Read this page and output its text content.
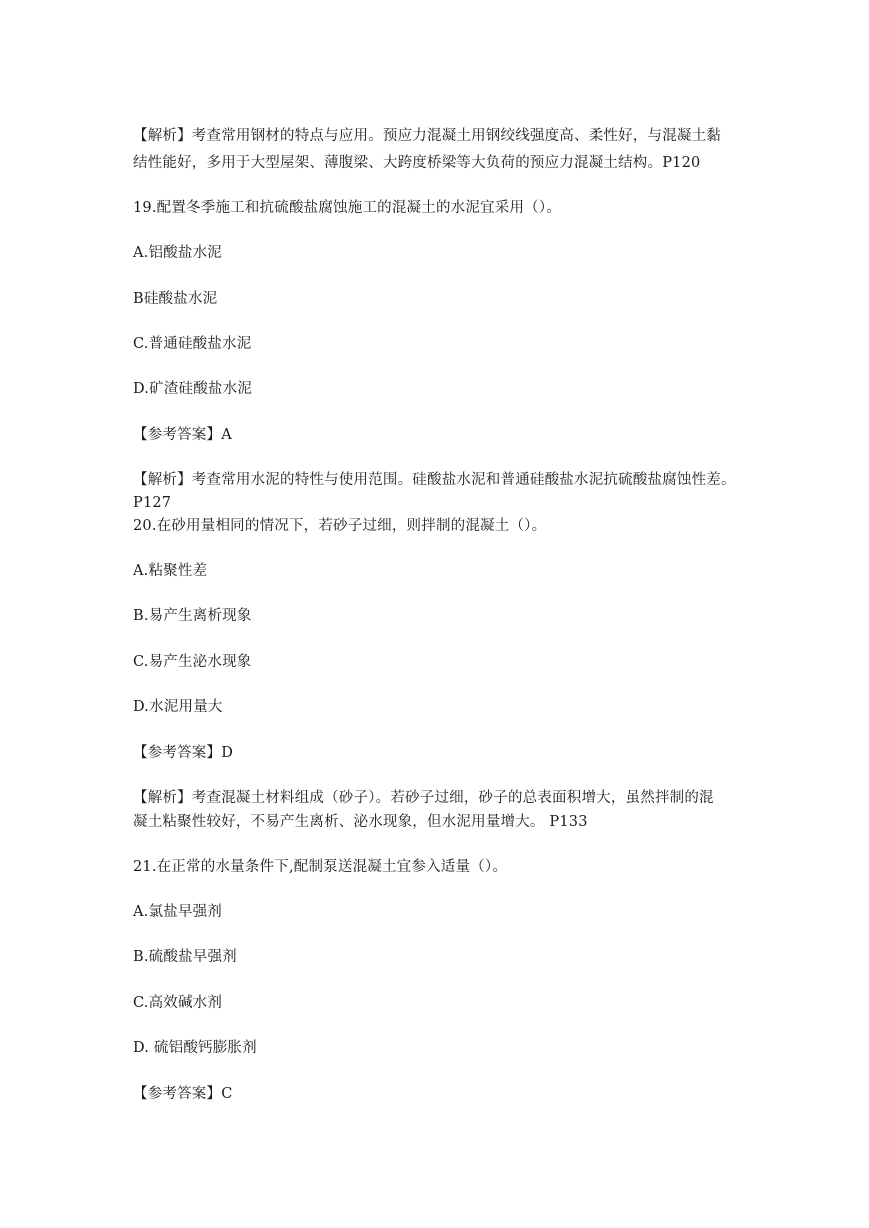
【解析】考查常用钢材的特点与应用。预应力混凝土用钢绞线强度高、柔性好，与混凝土黏
结性能好，多用于大型屋架、薄腹梁、大跨度桥梁等大负荷的预应力混凝土结构。P120
19.配置冬季施工和抗硫酸盐腐蚀施工的混凝土的水泥宜采用（）。
A.铝酸盐水泥
B硅酸盐水泥
C.普通硅酸盐水泥
D.矿渣硅酸盐水泥
【参考答案】A
【解析】考查常用水泥的特性与使用范围。硅酸盐水泥和普通硅酸盐水泥抗硫酸盐腐蚀性差。
P127
20.在砂用量相同的情况下，若砂子过细，则拌制的混凝土（）。
A.粘聚性差
B.易产生离析现象
C.易产生泌水现象
D.水泥用量大
【参考答案】D
【解析】考查混凝土材料组成（砂子）。若砂子过细，砂子的总表面积增大，虽然拌制的混
凝土粘聚性较好，不易产生离析、泌水现象，但水泥用量增大。 P133
21.在正常的水量条件下,配制泵送混凝土宜参入适量（）。
A.氯盐早强剂
B.硫酸盐早强剂
C.高效碱水剂
D. 硫铝酸钙膨胀剂
【参考答案】C
